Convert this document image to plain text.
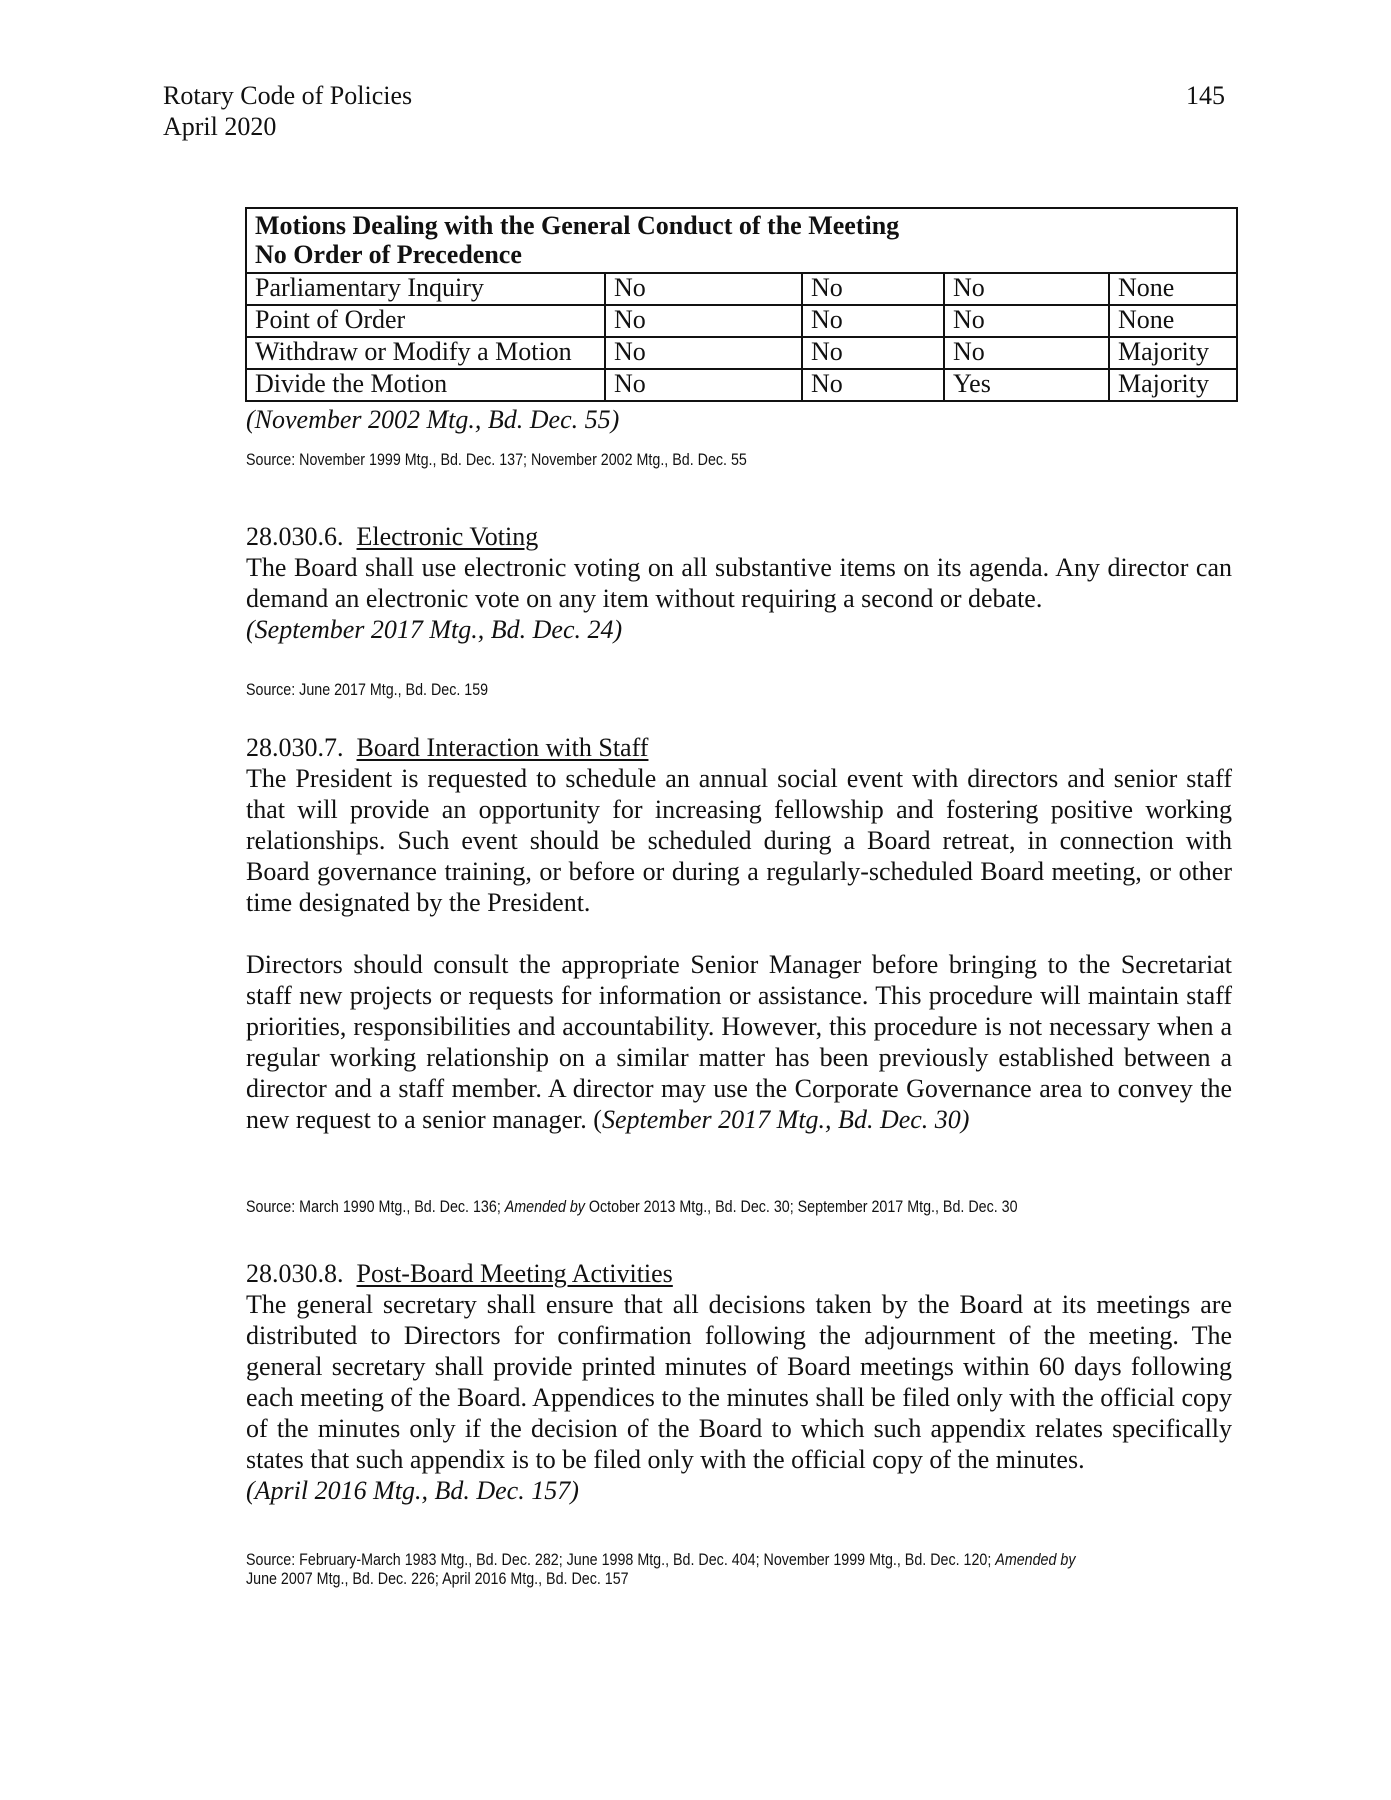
Rotary Code of Policies
April 2020
145
Motions Dealing with the General Conduct of the Meeting
No Order of Precedence				

Parliamentary Inquiry	No	No	No	None
Point of Order	No	No	No	None
Withdraw or Modify a Motion	No	No	No	Majority
Divide the Motion	No	No	Yes	Majority
(November 2002 Mtg., Bd. Dec. 55)
Source: November 1999 Mtg., Bd. Dec. 137; November 2002 Mtg., Bd. Dec. 55
28.030.6. Electronic Voting

The Board shall use electronic voting on all substantive items on its agenda. Any director can demand an electronic vote on any item without requiring a second or debate.

(September 2017 Mtg., Bd. Dec. 24)
Source: June 2017 Mtg., Bd. Dec. 159
28.030.7. Board Interaction with Staff

The President is requested to schedule an annual social event with directors and senior staff that will provide an opportunity for increasing fellowship and fostering positive working relationships. Such event should be scheduled during a Board retreat, in connection with Board governance training, or before or during a regularly-scheduled Board meeting, or other time designated by the President.

Directors should consult the appropriate Senior Manager before bringing to the Secretariat staff new projects or requests for information or assistance. This procedure will maintain staff priorities, responsibilities and accountability. However, this procedure is not necessary when a regular working relationship on a similar matter has been previously established between a director and a staff member. A director may use the Corporate Governance area to convey the new request to a senior manager. (September 2017 Mtg., Bd. Dec. 30)

Source: March 1990 Mtg., Bd. Dec. 136; Amended by October 2013 Mtg., Bd. Dec. 30; September 2017 Mtg., Bd. Dec. 30
28.030.8. Post-Board Meeting Activities

The general secretary shall ensure that all decisions taken by the Board at its meetings are distributed to Directors for confirmation following the adjournment of the meeting. The general secretary shall provide printed minutes of Board meetings within 60 days following each meeting of the Board. Appendices to the minutes shall be filed only with the official copy of the minutes only if the decision of the Board to which such appendix relates specifically states that such appendix is to be filed only with the official copy of the minutes.

(April 2016 Mtg., Bd. Dec. 157)
Source: February-March 1983 Mtg., Bd. Dec. 282; June 1998 Mtg., Bd. Dec. 404; November 1999 Mtg., Bd. Dec. 120; Amended by
June 2007 Mtg., Bd. Dec. 226; April 2016 Mtg., Bd. Dec. 157
